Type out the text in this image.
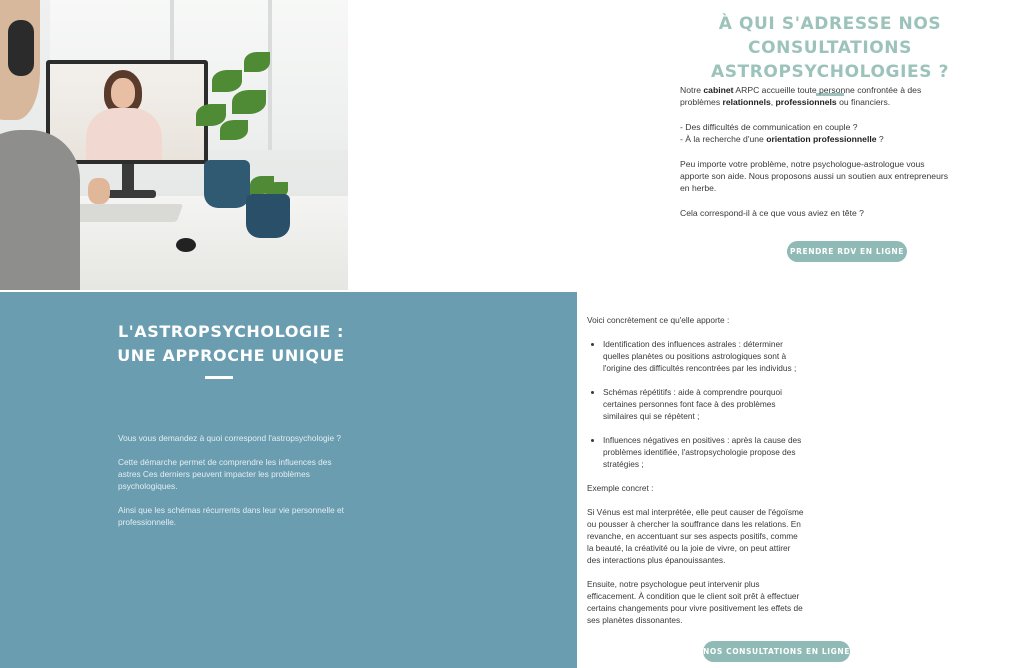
À QUI S'ADRESSE NOS CONSULTATIONS
ASTROPSYCHOLOGIES ?

Notre cabinet ARPC accueille toute personne confrontée à des problèmes relationnels, professionnels ou financiers.

- Des difficultés de communication en couple ?
- À la recherche d'une orientation professionnelle ?

Peu importe votre problème, notre psychologue-astrologue vous apporte son aide. Nous proposons aussi un soutien aux entrepreneurs en herbe.

Cela correspond-il à ce que vous aviez en tête ?

PRENDRE RDV EN LIGNE
L'ASTROPSYCHOLOGIE :
UNE APPROCHE UNIQUE

Vous vous demandez à quoi correspond l'astropsychologie ?

Cette démarche permet de comprendre les influences des astres Ces derniers peuvent impacter les problèmes psychologiques.

Ainsi que les schémas récurrents dans leur vie personnelle et professionnelle.

Voici concrètement ce qu'elle apporte :

• Identification des influences astrales : déterminer quelles planètes ou positions astrologiques sont à l'origine des difficultés rencontrées par les individus ;
• Schémas répétitifs : aide à comprendre pourquoi certaines personnes font face à des problèmes similaires qui se répètent ;
• Influences négatives en positives : après la cause des problèmes identifiée, l'astropsychologie propose des stratégies ;

Exemple concret :

Si Vénus est mal interprétée, elle peut causer de l'égoïsme ou pousser à chercher la souffrance dans les relations. En revanche, en accentuant sur ses aspects positifs, comme la beauté, la créativité ou la joie de vivre, on peut attirer des interactions plus épanouissantes.

Ensuite, notre psychologue peut intervenir plus efficacement. À condition que le client soit prêt à effectuer certains changements pour vivre positivement les effets de ses planètes dissonantes.

NOS CONSULTATIONS EN LIGNE
